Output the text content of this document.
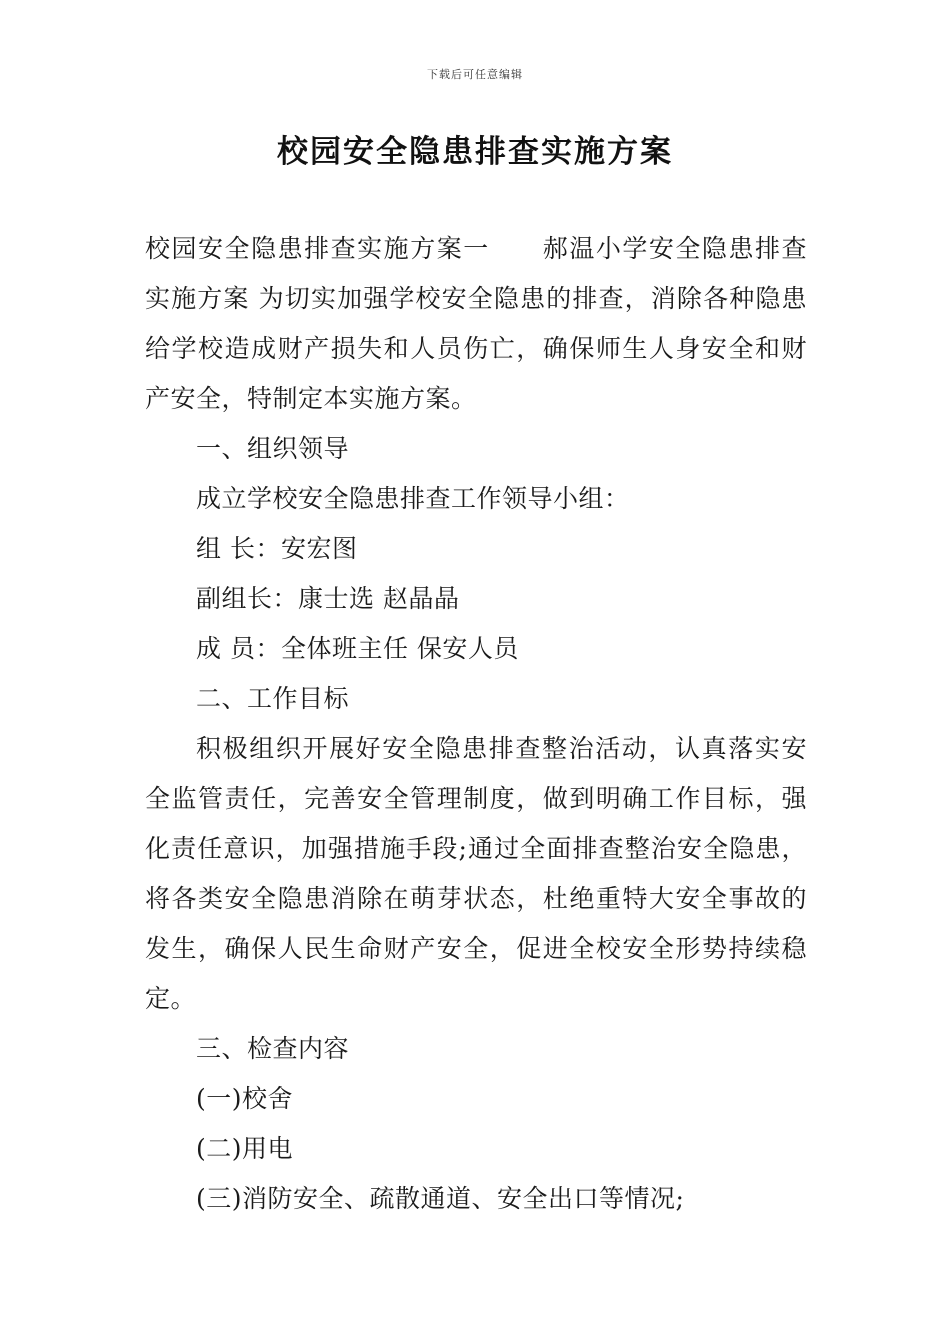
下载后可任意编辑
校园安全隐患排查实施方案

校园安全隐患排查实施方案一 郝温小学安全隐患排查实施方案 为切实加强学校安全隐患的排查，消除各种隐患给学校造成财产损失和人员伤亡，确保师生人身安全和财产安全，特制定本实施方案。

一、组织领导

成立学校安全隐患排查工作领导小组：

组 长：安宏图

副组长：康士选 赵晶晶

成 员：全体班主任 保安人员

二、工作目标

积极组织开展好安全隐患排查整治活动，认真落实安全监管责任，完善安全管理制度，做到明确工作目标，强化责任意识，加强措施手段;通过全面排查整治安全隐患，将各类安全隐患消除在萌芽状态，杜绝重特大安全事故的发生，确保人民生命财产安全，促进全校安全形势持续稳定。

三、检查内容

(一)校舍

(二)用电

(三)消防安全、疏散通道、安全出口等情况;
